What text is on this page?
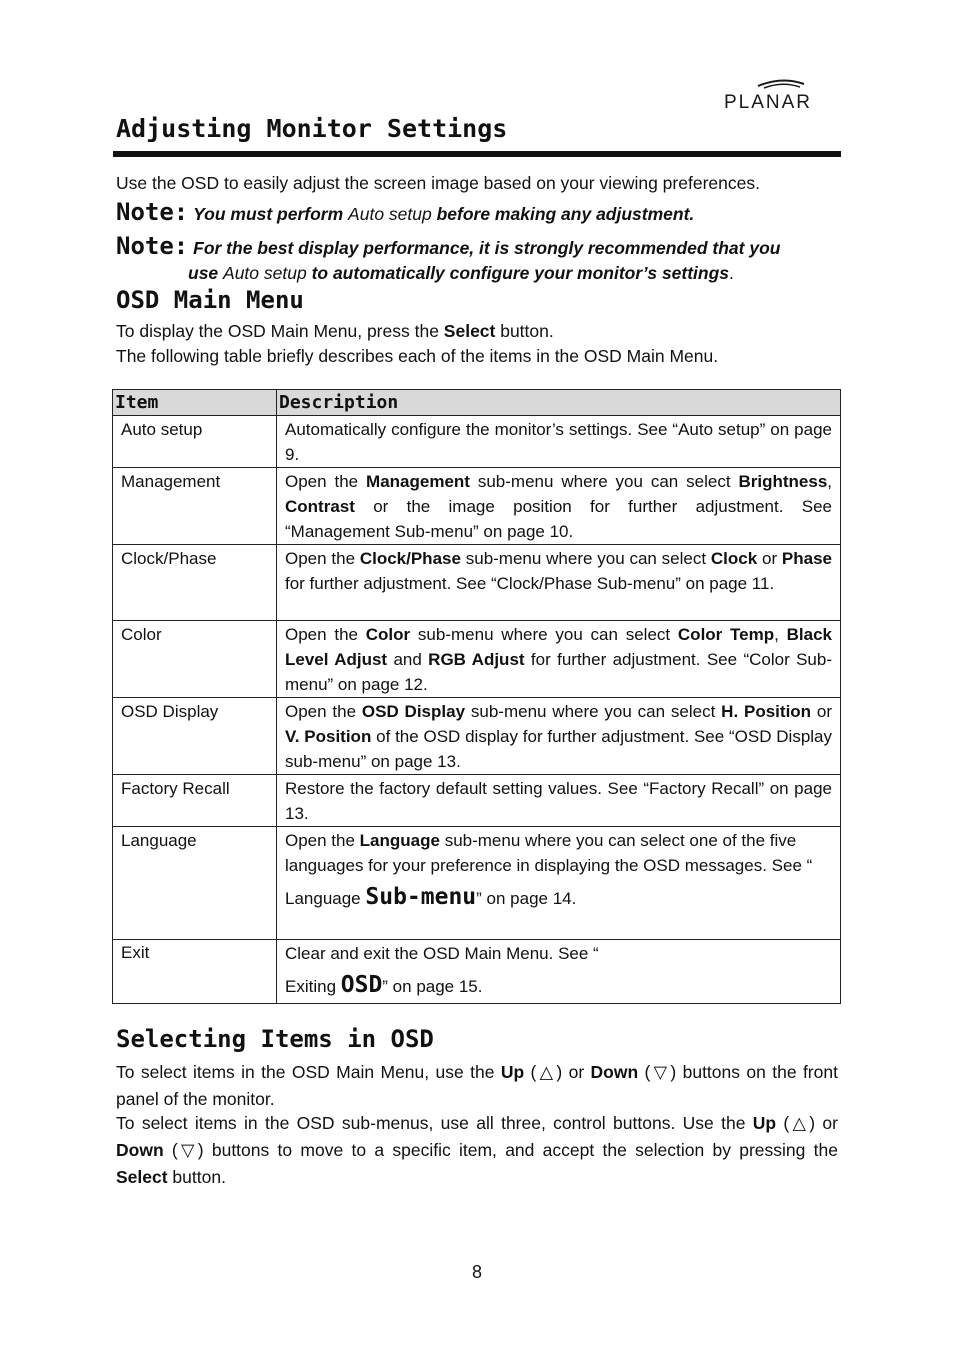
PLANAR
Adjusting Monitor Settings
Use the OSD to easily adjust the screen image based on your viewing preferences.
Note: You must perform Auto setup before making any adjustment.
Note: For the best display performance, it is strongly recommended that you
use Auto setup to automatically configure your monitor’s settings.
OSD Main Menu
To display the OSD Main Menu, press the Select button.
The following table briefly describes each of the items in the OSD Main Menu.
Item	Description
Auto setup	Automatically configure the monitor’s settings. See “Auto setup” on page 9.
Management	Open the Management sub-menu where you can select Brightness, Contrast or the image position for further adjustment. See “Management Sub-menu” on page 10.
Clock/Phase	Open the Clock/Phase sub-menu where you can select Clock or Phase for further adjustment. See “Clock/Phase Sub-menu” on page 11.
Color	Open the Color sub-menu where you can select Color Temp, Black Level Adjust and RGB Adjust for further adjustment. See “Color Sub-menu” on page 12.
OSD Display	Open the OSD Display sub-menu where you can select H. Position or V. Position of the OSD display for further adjustment. See “OSD Display sub-menu” on page 13.
Factory Recall	Restore the factory default setting values. See “Factory Recall” on page 13.
Language	Open the Language sub-menu where you can select one of the five languages for your preference in displaying the OSD messages. See “
Language Sub-menu” on page 14.

Exit	Clear and exit the OSD Main Menu. See “
Exiting OSD” on page 15.
Selecting Items in OSD
To select items in the OSD Main Menu, use the Up ( △ ) or Down ( ▽ ) buttons on the front panel of the monitor.
To select items in the OSD sub-menus, use all three, control buttons. Use the Up ( △ ) or Down ( ▽ ) buttons to move to a specific item, and accept the selection by pressing the Select button.
8
